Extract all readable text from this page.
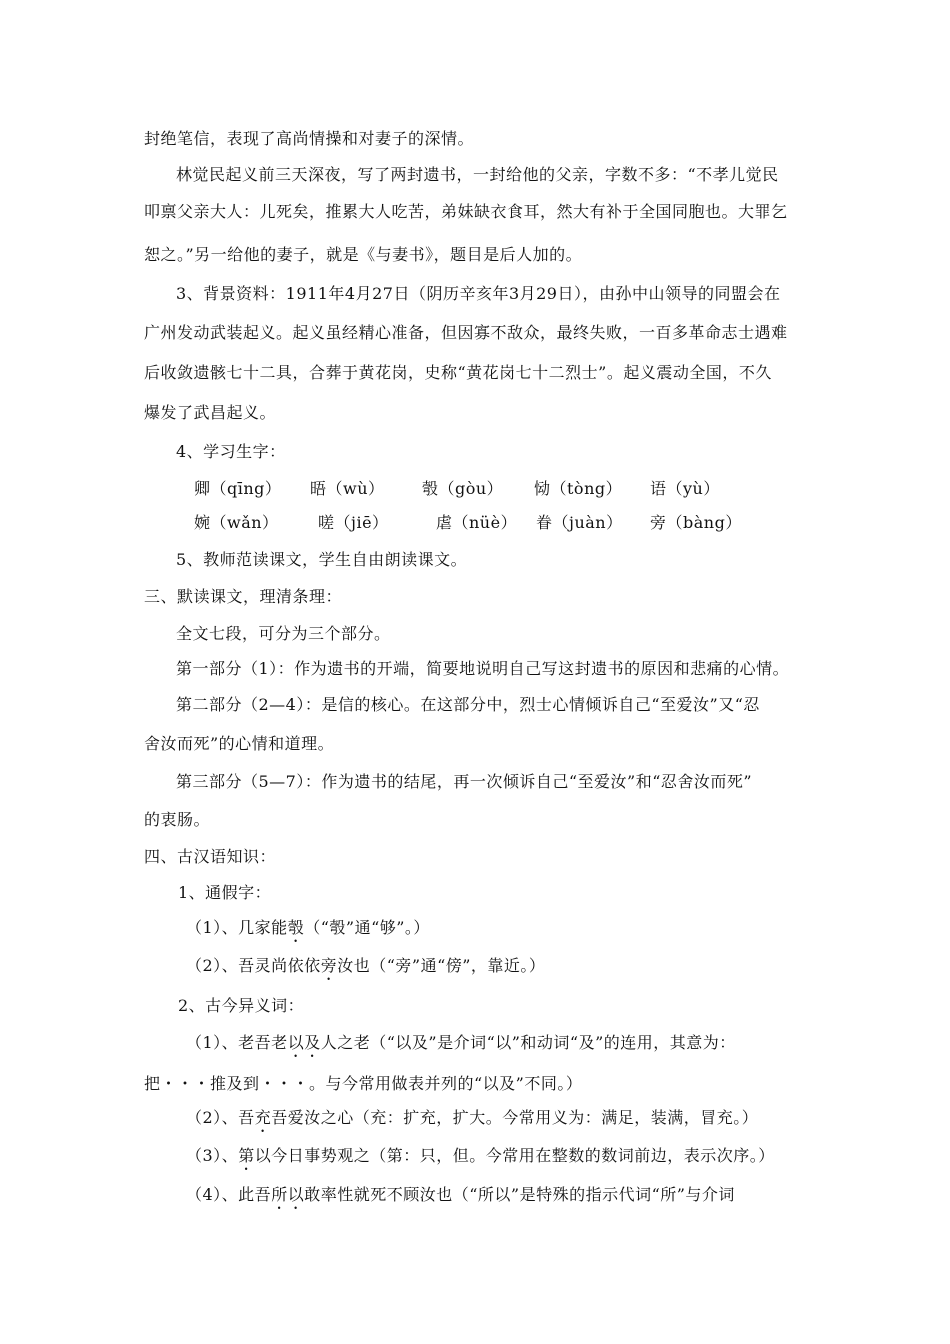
封绝笔信，表现了高尚情操和对妻子的深情。
林觉民起义前三天深夜，写了两封遗书，一封给他的父亲，字数不多：“不孝儿觉民
叩禀父亲大人：儿死矣，推累大人吃苦，弟妹缺衣食耳，然大有补于全国同胞也。大罪乞
恕之。”另一给他的妻子，就是《与妻书》，题目是后人加的。
3、背景资料：1911年4月27日（阴历辛亥年3月29日），由孙中山领导的同盟会在
广州发动武装起义。起义虽经精心准备，但因寡不敌众，最终失败，一百多革命志士遇难
后收敛遗骸七十二具，合葬于黄花岗，史称“黄花岗七十二烈士”。起义震动全国，不久
爆发了武昌起义。
4、学习生字：
卿（qīng） 晤（wù） 彀（gòu） 恸（tòng） 语（yù）
婉（wǎn） 嗟（jiē）	虐（nüè） 眷（juàn） 旁（bàng）
5、教师范读课文，学生自由朗读课文。
三、默读课文，理清条理：
全文七段，可分为三个部分。
第一部分（1）：作为遗书的开端，简要地说明自己写这封遗书的原因和悲痛的心情。
第二部分（2—4）：是信的核心。在这部分中，烈士心情倾诉自己“至爱汝”又“忍
舍汝而死”的心情和道理。
第三部分（5—7）：作为遗书的结尾，再一次倾诉自己“至爱汝”和“忍舍汝而死”
的衷肠。
四、古汉语知识：
1、通假字：
（1）、几家能彀（“彀”通“够”。）
（2）、吾灵尚依依旁汝也（“旁”通“傍”，靠近。）
2、古今异义词：
（1）、老吾老以及人之老（“以及”是介词“以”和动词“及”的连用，其意为：
把・・・推及到・・・。与今常用做表并列的“以及”不同。）
（2）、吾充吾爱汝之心（充：扩充，扩大。今常用义为：满足，装满，冒充。）
（3）、第以今日事势观之（第：只，但。今常用在整数的数词前边，表示次序。）
（4）、此吾所以敢率性就死不顾汝也（“所以”是特殊的指示代词“所”与介词
